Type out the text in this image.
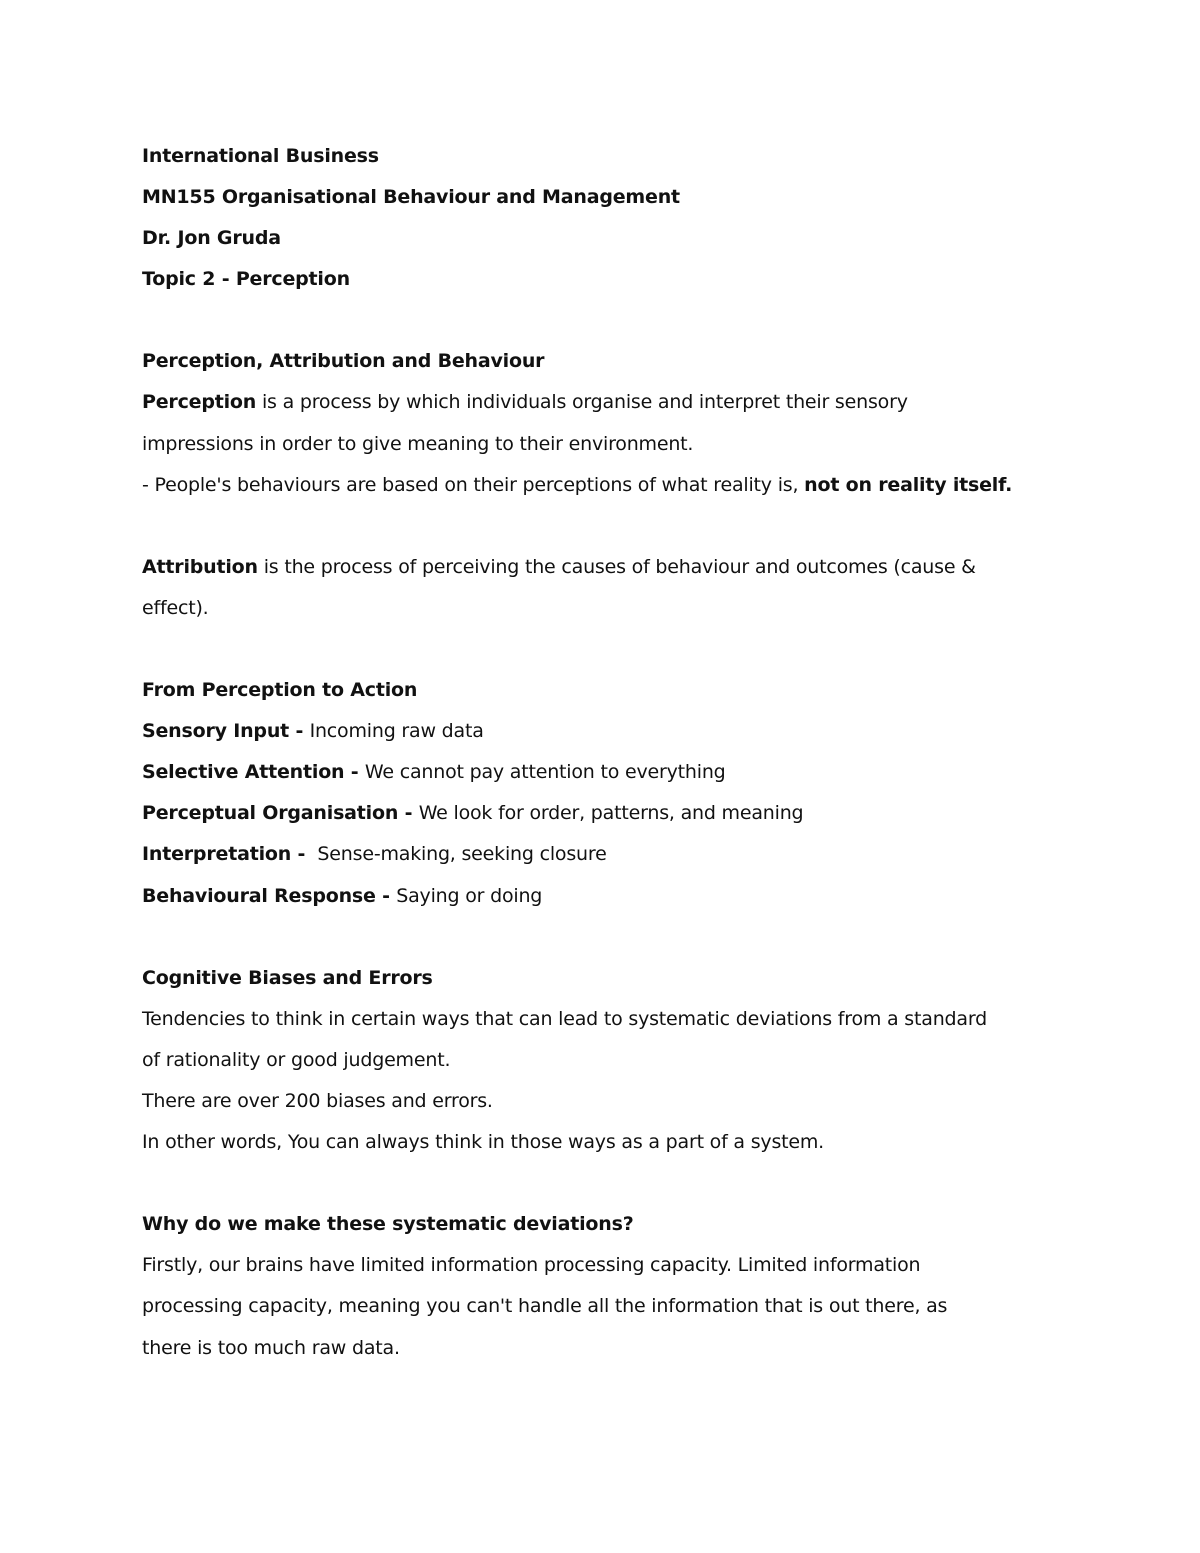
International Business
MN155 Organisational Behaviour and Management
Dr. Jon Gruda
Topic 2 - Perception
Perception, Attribution and Behaviour
Perception is a process by which individuals organise and interpret their sensory
impressions in order to give meaning to their environment.
- People's behaviours are based on their perceptions of what reality is, not on reality itself.
Attribution is the process of perceiving the causes of behaviour and outcomes (cause &
effect).
From Perception to Action
Sensory Input - Incoming raw data
Selective Attention - We cannot pay attention to everything
Perceptual Organisation - We look for order, patterns, and meaning
Interpretation -  Sense-making, seeking closure
Behavioural Response - Saying or doing
Cognitive Biases and Errors
Tendencies to think in certain ways that can lead to systematic deviations from a standard
of rationality or good judgement.
There are over 200 biases and errors.
In other words, You can always think in those ways as a part of a system.
Why do we make these systematic deviations?
Firstly, our brains have limited information processing capacity. Limited information
processing capacity, meaning you can't handle all the information that is out there, as
there is too much raw data.
